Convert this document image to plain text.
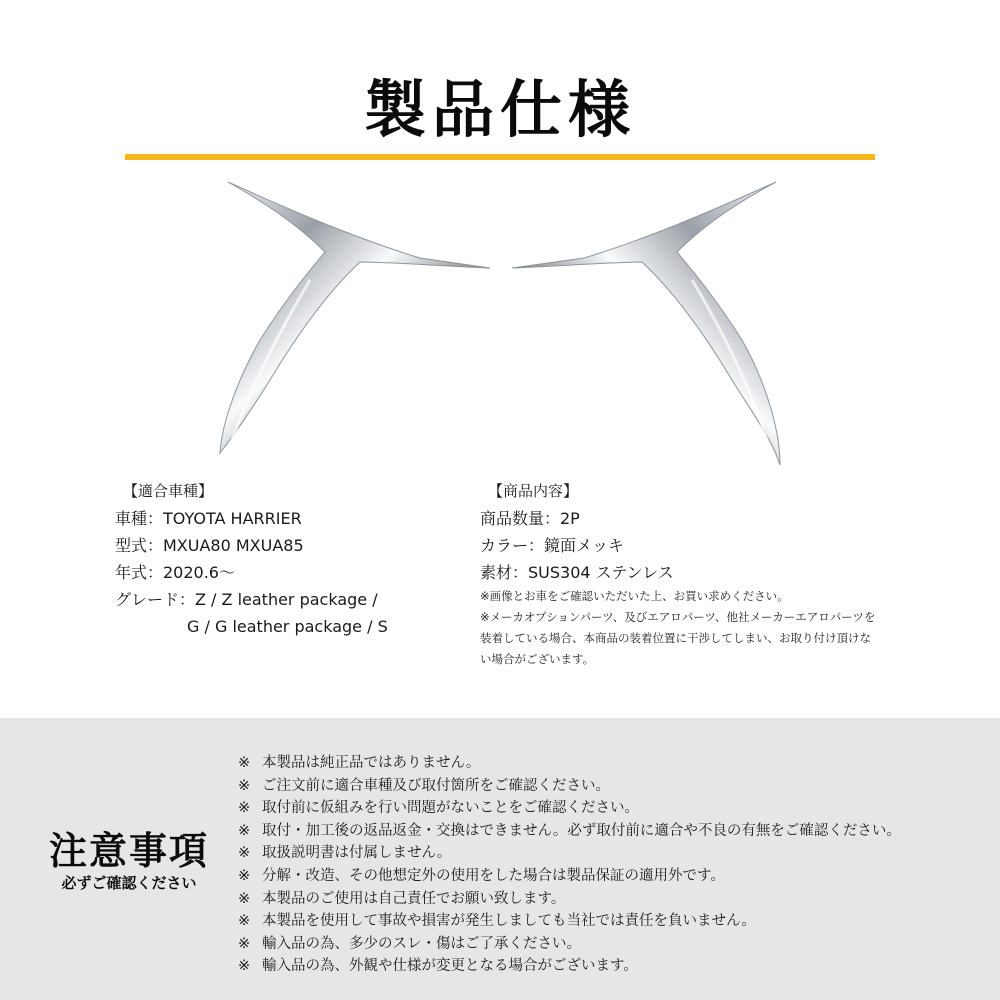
製品仕様
【適合車種】
車種：TOYOTA HARRIER
型式：MXUA80 MXUA85
年式：2020.6～
グレード：Z / Z leather package /
G / G leather package / S
【商品内容】
商品数量：2P
カラー：鏡面メッキ
素材：SUS304 ステンレス
※画像とお車をご確認いただいた上、お買い求めください。
※メーカオプションパーツ、及びエアロパーツ、他社メーカーエアロパーツを
装着している場合、本商品の装着位置に干渉してしまい、お取り付け頂けな
い場合がございます。
注意事項
必ずご確認ください
※ 本製品は純正品ではありません。
※ ご注文前に適合車種及び取付箇所をご確認ください。
※ 取付前に仮組みを行い問題がないことをご確認ください。
※ 取付・加工後の返品返金・交換はできません。必ず取付前に適合や不良の有無をご確認ください。
※ 取扱説明書は付属しません。
※ 分解・改造、その他想定外の使用をした場合は製品保証の適用外です。
※ 本製品のご使用は自己責任でお願い致します。
※ 本製品を使用して事故や損害が発生しましても当社では責任を負いません。
※ 輸入品の為、多少のスレ・傷はご了承ください。
※ 輸入品の為、外観や仕様が変更となる場合がございます。
